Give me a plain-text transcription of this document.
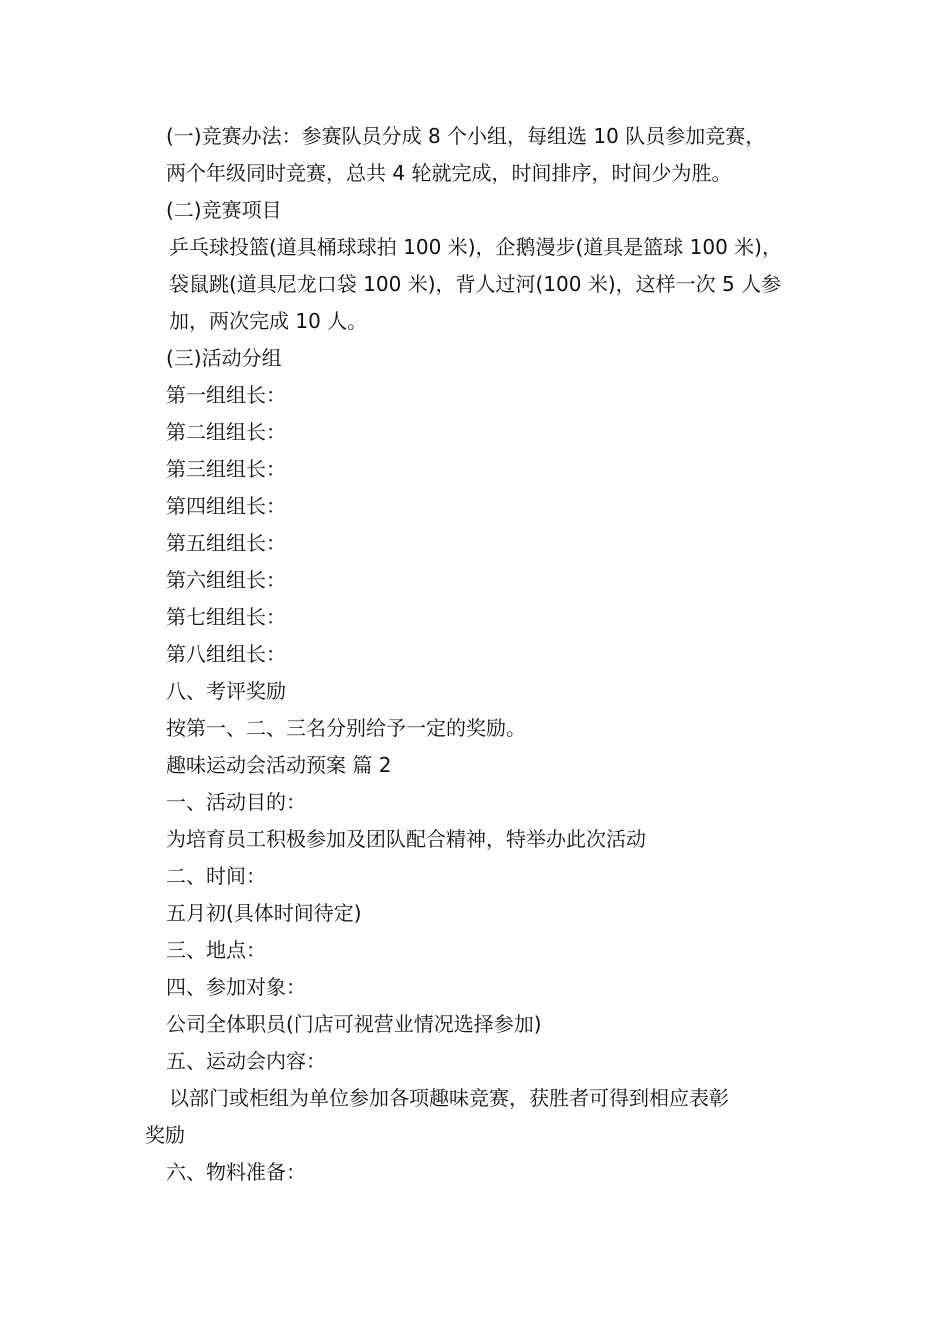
(一)竞赛办法：参赛队员分成 8 个小组，每组选 10 队员参加竞赛，
两个年级同时竞赛，总共 4 轮就完成，时间排序，时间少为胜。

(二)竞赛项目

乒乓球投篮(道具桶球球拍 100 米)，企鹅漫步(道具是篮球 100 米)，
袋鼠跳(道具尼龙口袋 100 米)，背人过河(100 米)，这样一次 5 人参
加，两次完成 10 人。

(三)活动分组

第一组组长：

第二组组长：

第三组组长：

第四组组长：

第五组组长：

第六组组长：

第七组组长：

第八组组长：

八、考评奖励

按第一、二、三名分别给予一定的奖励。

趣味运动会活动预案 篇 2

一、活动目的：

为培育员工积极参加及团队配合精神，特举办此次活动

二、时间：

五月初(具体时间待定)

三、地点：

四、参加对象：

公司全体职员(门店可视营业情况选择参加)

五、运动会内容：

以部门或柜组为单位参加各项趣味竞赛，获胜者可得到相应表彰
奖励

六、物料准备：
